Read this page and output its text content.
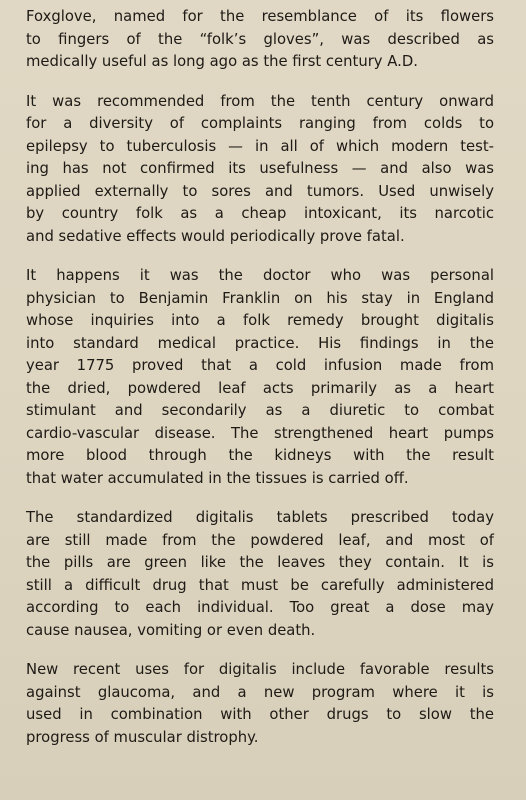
Foxglove, named for the resemblance of its flowers
to fingers of the “folk’s gloves”, was described as
medically useful as long ago as the first century A.D.
It was recommended from the tenth century onward
for a diversity of complaints ranging from colds to
epilepsy to tuberculosis — in all of which modern test-
ing has not confirmed its usefulness — and also was
applied externally to sores and tumors. Used unwisely
by country folk as a cheap intoxicant, its narcotic
and sedative effects would periodically prove fatal.
It happens it was the doctor who was personal
physician to Benjamin Franklin on his stay in England
whose inquiries into a folk remedy brought digitalis
into standard medical practice. His findings in the
year 1775 proved that a cold infusion made from
the dried, powdered leaf acts primarily as a heart
stimulant and secondarily as a diuretic to combat
cardio-vascular disease. The strengthened heart pumps
more blood through the kidneys with the result
that water accumulated in the tissues is carried off.
The standardized digitalis tablets prescribed today
are still made from the powdered leaf, and most of
the pills are green like the leaves they contain. It is
still a difficult drug that must be carefully administered
according to each individual. Too great a dose may
cause nausea, vomiting or even death.
New recent uses for digitalis include favorable results
against glaucoma, and a new program where it is
used in combination with other drugs to slow the
progress of muscular distrophy.
